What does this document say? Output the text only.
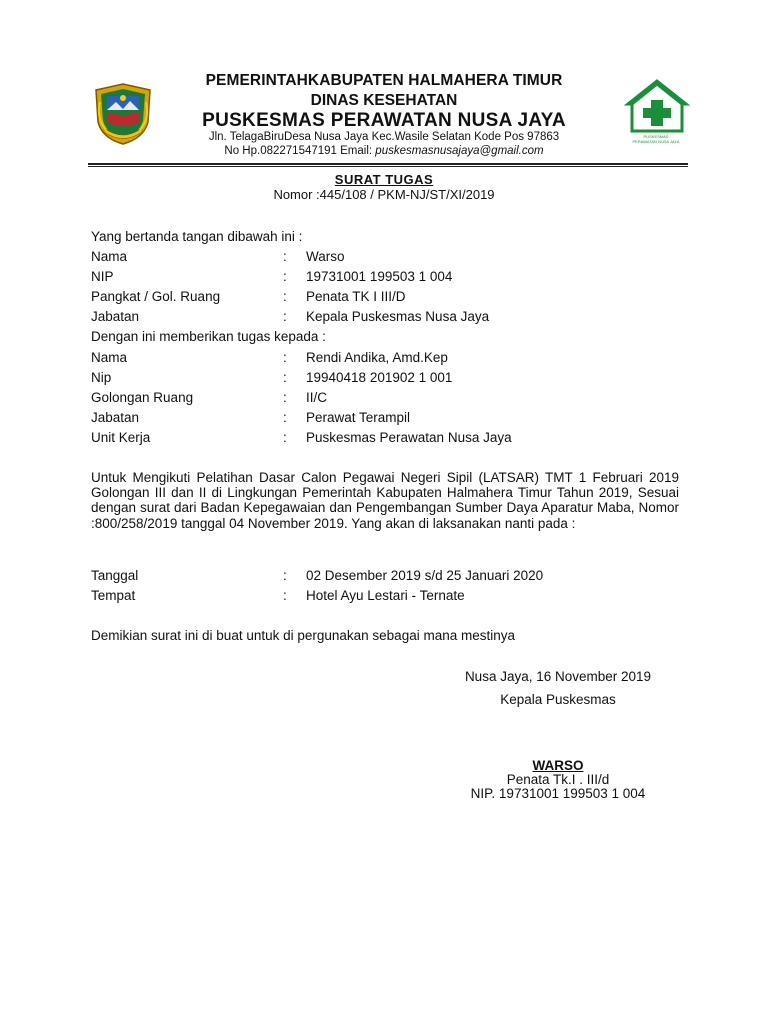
PUSKESMAS
PERAWATAN NUSA JAYA
PEMERINTAHKABUPATEN HALMAHERA TIMUR
DINAS KESEHATAN
PUSKESMAS PERAWATAN NUSA JAYA
Jln. TelagaBiruDesa Nusa Jaya Kec.Wasile Selatan Kode Pos 97863
No Hp.082271547191 Email: puskesmasnusajaya@gmail.com
SURAT TUGAS
Nomor :445/108 / PKM-NJ/ST/XI/2019
Yang bertanda tangan dibawah ini :
Nama	: Warso
NIP	: 19731001 199503 1 004
Pangkat / Gol. Ruang	: Penata TK I III/D
Jabatan	: Kepala Puskesmas Nusa Jaya
Dengan ini memberikan tugas kepada :
Nama	: Rendi Andika, Amd.Kep
Nip	: 19940418 201902 1 001
Golongan Ruang	: II/C
Jabatan	: Perawat Terampil
Unit Kerja	: Puskesmas Perawatan Nusa Jaya
Untuk Mengikuti Pelatihan Dasar Calon Pegawai Negeri Sipil (LATSAR) TMT 1 Februari 2019 Golongan III dan II di Lingkungan Pemerintah Kabupaten Halmahera Timur Tahun 2019, Sesuai dengan surat dari Badan Kepegawaian dan Pengembangan Sumber Daya Aparatur Maba, Nomor :800/258/2019 tanggal 04 November 2019. Yang akan di laksanakan nanti pada :
Tanggal	: 02 Desember 2019 s/d 25 Januari 2020
Tempat	: Hotel Ayu Lestari - Ternate
Demikian surat ini di buat untuk di pergunakan sebagai mana mestinya
Nusa Jaya, 16 November 2019
Kepala Puskesmas
WARSO
Penata Tk.I . III/d
NIP. 19731001 199503 1 004
